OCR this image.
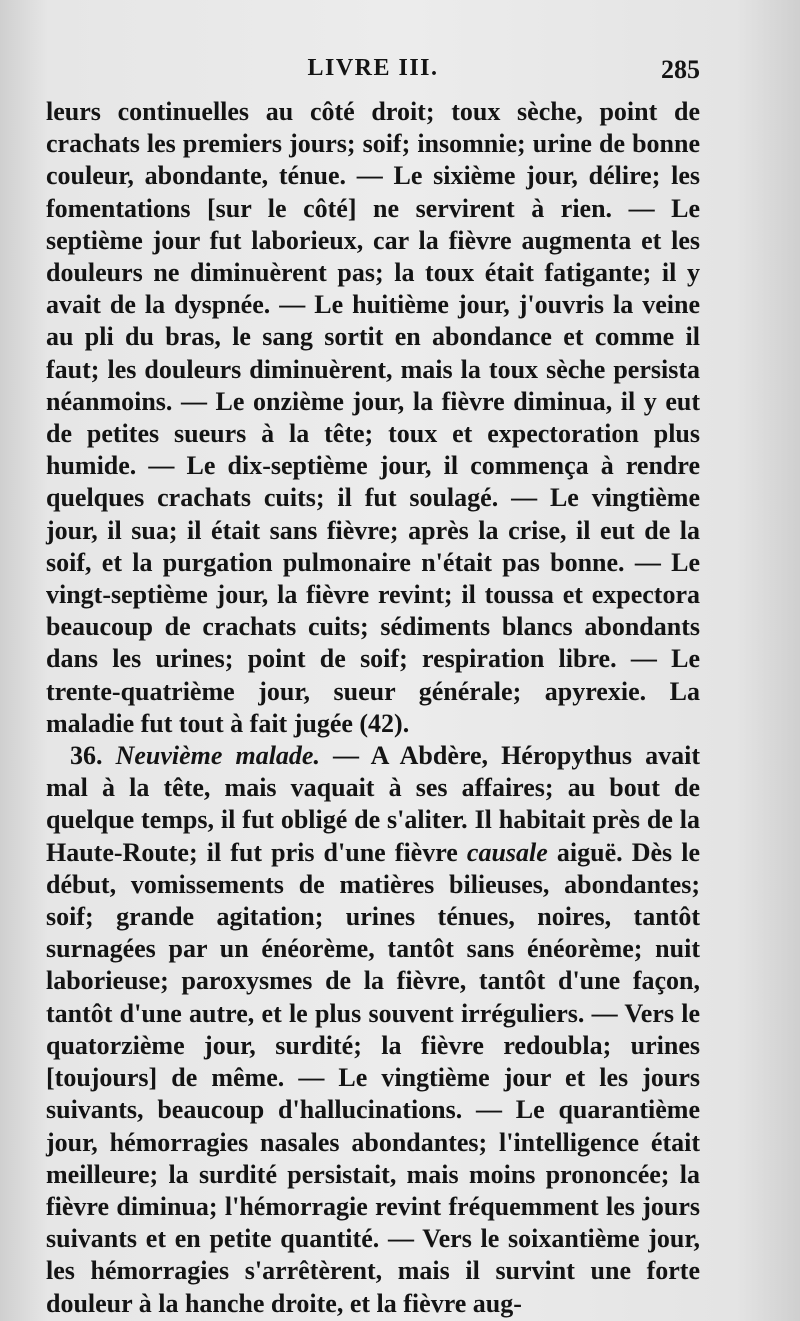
LIVRE III.	285

leurs continuelles au côté droit; toux sèche, point de crachats les premiers jours; soif; insomnie; urine de bonne couleur, abondante, ténue. — Le sixième jour, délire; les fomentations [sur le côté] ne servirent à rien. — Le septième jour fut laborieux, car la fièvre augmenta et les douleurs ne diminuèrent pas; la toux était fatigante; il y avait de la dyspnée. — Le huitième jour, j'ouvris la veine au pli du bras, le sang sortit en abondance et comme il faut; les douleurs diminuèrent, mais la toux sèche persista néanmoins. — Le onzième jour, la fièvre diminua, il y eut de petites sueurs à la tête; toux et expectoration plus humide. — Le dix-septième jour, il commença à rendre quelques crachats cuits; il fut soulagé. — Le vingtième jour, il sua; il était sans fièvre; après la crise, il eut de la soif, et la purgation pulmonaire n'était pas bonne. — Le vingt-septième jour, la fièvre revint; il toussa et expectora beaucoup de crachats cuits; sédiments blancs abondants dans les urines; point de soif; respiration libre. — Le trente-quatrième jour, sueur générale; apyrexie. La maladie fut tout à fait jugée (42).

36. Neuvième malade. — A Abdère, Héropythus avait mal à la tête, mais vaquait à ses affaires; au bout de quelque temps, il fut obligé de s'aliter. Il habitait près de la Haute-Route; il fut pris d'une fièvre causale aiguë. Dès le début, vomissements de matières bilieuses, abondantes; soif; grande agitation; urines ténues, noires, tantôt surnagées par un énéorème, tantôt sans énéorème; nuit laborieuse; paroxysmes de la fièvre, tantôt d'une façon, tantôt d'une autre, et le plus souvent irréguliers. — Vers le quatorzième jour, surdité; la fièvre redoubla; urines [toujours] de même. — Le vingtième jour et les jours suivants, beaucoup d'hallucinations. — Le quarantième jour, hémorragies nasales abondantes; l'intelligence était meilleure; la surdité persistait, mais moins prononcée; la fièvre diminua; l'hémorragie revint fréquemment les jours suivants et en petite quantité. — Vers le soixantième jour, les hémorragies s'arrêtèrent, mais il survint une forte douleur à la hanche droite, et la fièvre aug-
